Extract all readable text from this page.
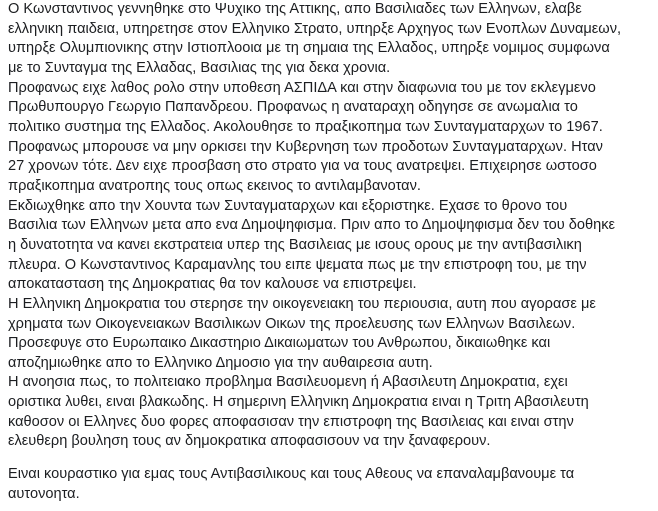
Ο Κωνσταντινος γεννηθηκε στο Ψυχικο της Αττικης, απο Βασιλιαδες των Ελληνων, ελαβε
ελληνικη παιδεια, υπηρετησε στον Ελληνικο Στρατο, υπηρξε Αρχηγος των Ενοπλων Δυναμεων,
υπηρξε Ολυμπιονικης στην Ιστιοπλοοια με τη σημαια της Ελλαδος, υπηρξε νομιμος συμφωνα
με το Συνταγμα της Ελλαδας, Βασιλιας της για δεκα χρονια.
Προφανως ειχε λαθος ρολο στην υποθεση ΑΣΠΙΔΑ και στην διαφωνια του με τον εκλεγμενο
Πρωθυπουργο Γεωργιο Παπανδρεου. Προφανως η αναταραχη οδηγησε σε ανωμαλια το
πολιτικο συστημα της Ελλαδος. Ακολουθησε το πραξικοπημα των Συνταγματαρχων το 1967.
Προφανως μπορουσε να μην ορκισει την Κυβερνηση των προδοτων Συνταγματαρχων. Ηταν
27 χρονων τότε. Δεν ειχε προσβαση στο στρατο για να τους ανατρεψει. Επιχειρησε ωστοσο
πραξικοπημα ανατροπης τους οπως εκεινος το αντιλαμβανοταν.
Εκδιωχθηκε απο την Χουντα των Συνταγματαρχων και εξοριστηκε. Εχασε το θρονο του
Βασιλια των Ελληνων μετα απο ενα Δημοψηφισμα. Πριν απο το Δημοψηφισμα δεν του δοθηκε
η δυνατοτητα να κανει εκστρατεια υπερ της Βασιλειας με ισους ορους με την αντιβασιλικη
πλευρα. Ο Κωνσταντινος Καραμανλης του ειπε ψεματα πως με την επιστροφη του, με την
αποκατασταση της Δημοκρατιας θα τον καλουσε να επιστρεψει.
Η Ελληνικη Δημοκρατια του στερησε την οικογενειακη του περιουσια, αυτη που αγορασε με
χρηματα των Οικογενειακων Βασιλικων Οικων της προελευσης των Ελληνων Βασιλεων.
Προσεφυγε στο Ευρωπαικο Δικαστηριο Δικαιωματων του Ανθρωπου, δικαιωθηκε και
αποζημιωθηκε απο το Ελληνικο Δημοσιο για την αυθαιρεσια αυτη.
Η ανοησια πως, το πολιτειακο προβλημα Βασιλευομενη ή Αβασιλευτη Δημοκρατια, εχει
οριστικα λυθει, ειναι βλακωδης. Η σημερινη Ελληνικη Δημοκρατια ειναι η Τριτη Αβασιλευτη
καθοσον οι Ελληνες δυο φορες αποφασισαν την επιστροφη της Βασιλειας και ειναι στην
ελευθερη βουληση τους αν δημοκρατικα αποφασισουν να την ξαναφερουν.

Ειναι κουραστικο για εμας τους Αντιβασιλικους και τους Αθεους να επαναλαμβανουμε τα
αυτονοητα.
